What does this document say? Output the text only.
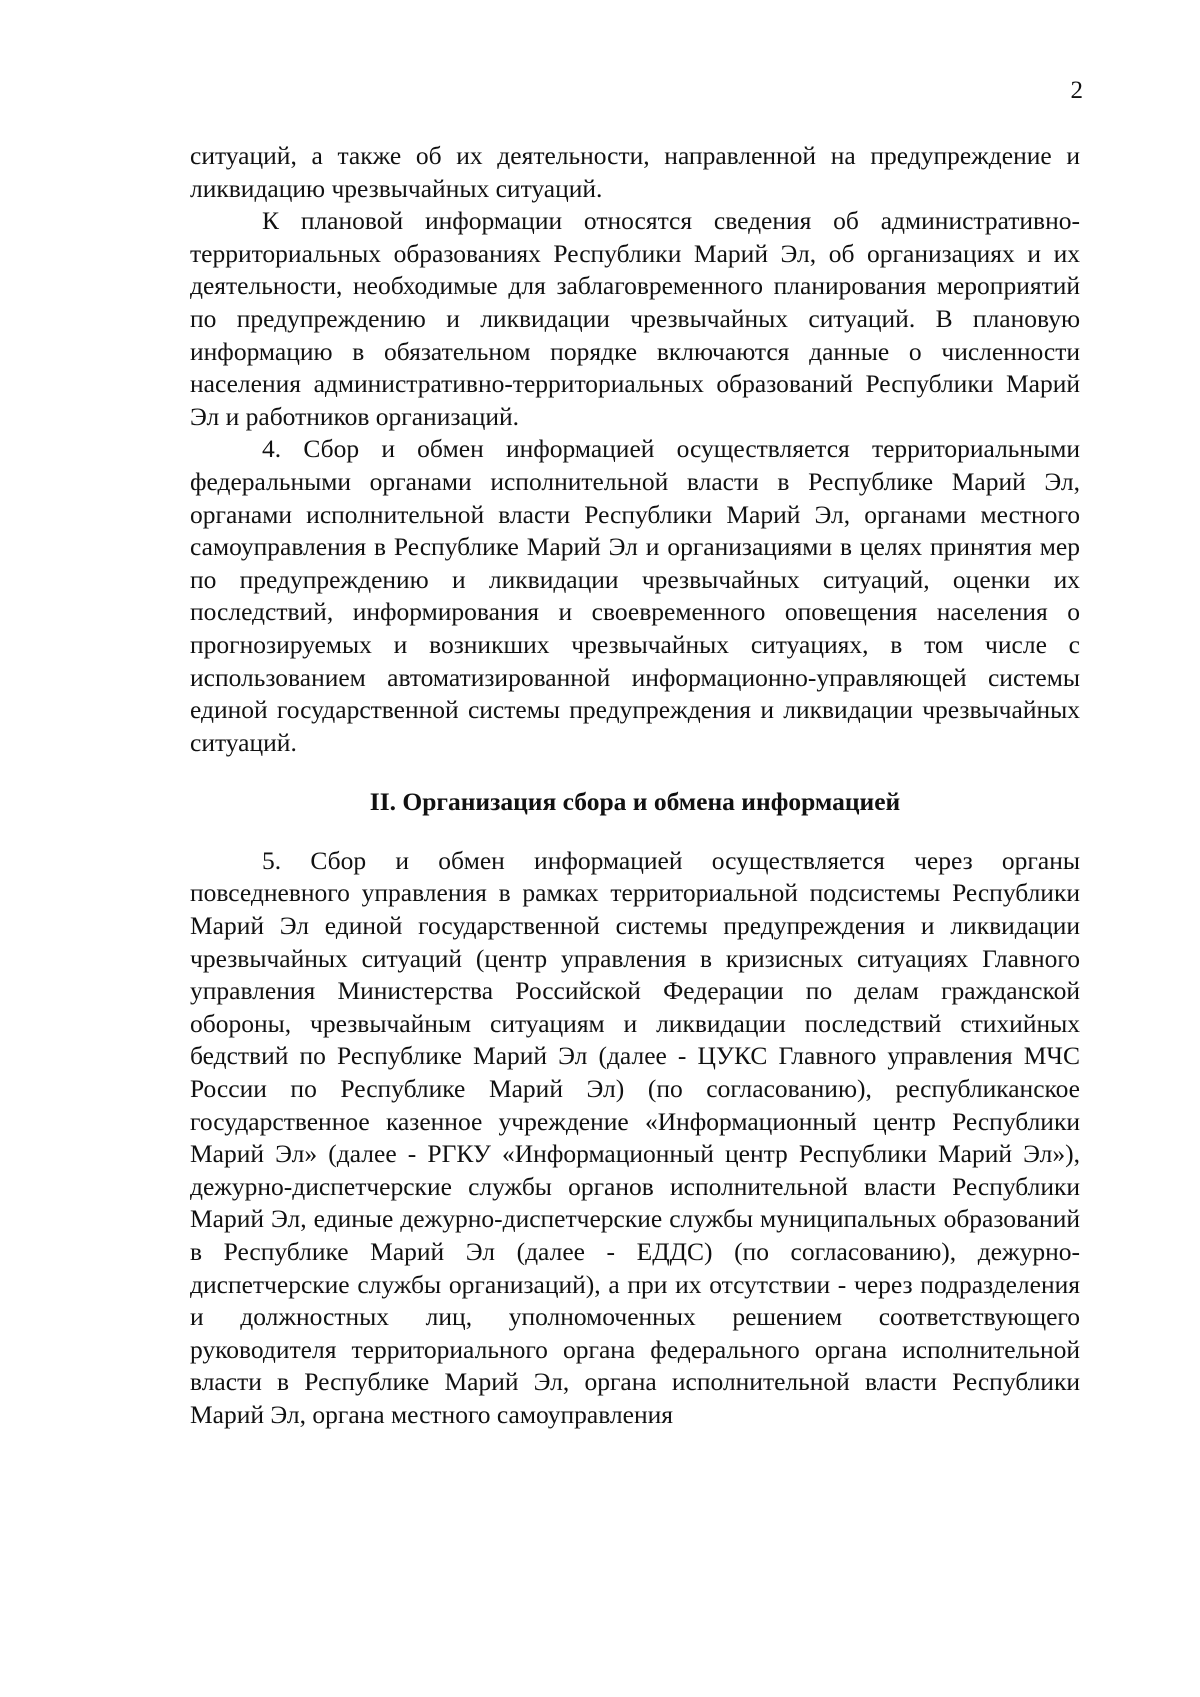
2

ситуаций, а также об их деятельности, направленной на предупреждение и ликвидацию чрезвычайных ситуаций.

К плановой информации относятся сведения об административно-территориальных образованиях Республики Марий Эл, об организациях и их деятельности, необходимые для заблаговременного планирования мероприятий по предупреждению и ликвидации чрезвычайных ситуаций. В плановую информацию в обязательном порядке включаются данные о численности населения административно-территориальных образований Республики Марий Эл и работников организаций.

4. Сбор и обмен информацией осуществляется территориальными федеральными органами исполнительной власти в Республике Марий Эл, органами исполнительной власти Республики Марий Эл, органами местного самоуправления в Республике Марий Эл и организациями в целях принятия мер по предупреждению и ликвидации чрезвычайных ситуаций, оценки их последствий, информирования и своевременного оповещения населения о прогнозируемых и возникших чрезвычайных ситуациях, в том числе с использованием автоматизированной информационно-управляющей системы единой государственной системы предупреждения и ликвидации чрезвычайных ситуаций.

II. Организация сбора и обмена информацией

5. Сбор и обмен информацией осуществляется через органы повседневного управления в рамках территориальной подсистемы Республики Марий Эл единой государственной системы предупреждения и ликвидации чрезвычайных ситуаций (центр управления в кризисных ситуациях Главного управления Министерства Российской Федерации по делам гражданской обороны, чрезвычайным ситуациям и ликвидации последствий стихийных бедствий по Республике Марий Эл (далее - ЦУКС Главного управления МЧС России по Республике Марий Эл) (по согласованию), республиканское государственное казенное учреждение «Информационный центр Республики Марий Эл» (далее - РГКУ «Информационный центр Республики Марий Эл»), дежурно-диспетчерские службы органов исполнительной власти Республики Марий Эл, единые дежурно-диспетчерские службы муниципальных образований в Республике Марий Эл (далее - ЕДДС) (по согласованию), дежурно-диспетчерские службы организаций), а при их отсутствии - через подразделения и должностных лиц, уполномоченных решением соответствующего руководителя территориального органа федерального органа исполнительной власти в Республике Марий Эл, органа исполнительной власти Республики Марий Эл, органа местного самоуправления
